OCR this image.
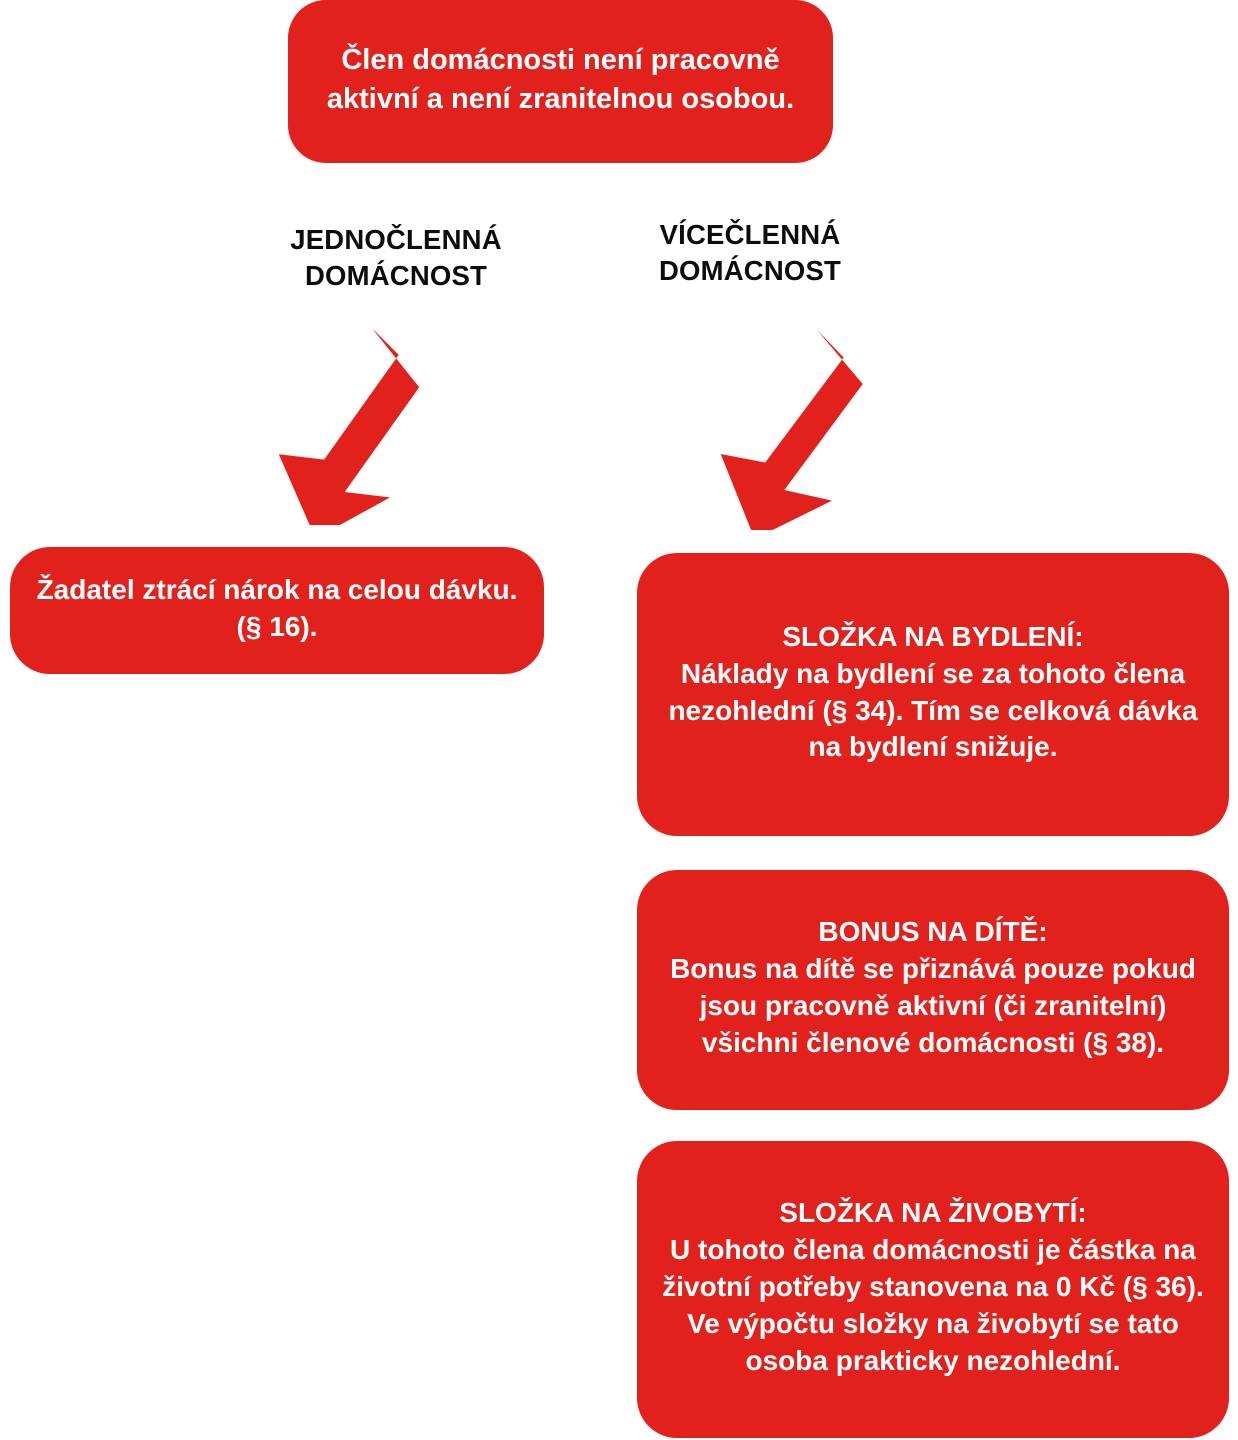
Člen domácnosti není pracovně aktivní a není zranitelnou osobou.

JEDNOČLENNÁ
DOMÁCNOST
VÍCEČLENNÁ
DOMÁCNOST

Žadatel ztrácí nárok na celou dávku. (§ 16).	SLOŽKA NA BYDLENÍ:
Náklady na bydlení se za tohoto člena nezohlední (§ 34). Tím se celková dávka na bydlení snižuje.

BONUS NA DÍTĚ:
Bonus na dítě se přiznává pouze pokud jsou pracovně aktivní (či zranitelní) všichni členové domácnosti (§ 38).

SLOŽKA NA ŽIVOBYTÍ:
U tohoto člena domácnosti je částka na životní potřeby stanovena na 0 Kč (§ 36). Ve výpočtu složky na živobytí se tato osoba prakticky nezohlední.
